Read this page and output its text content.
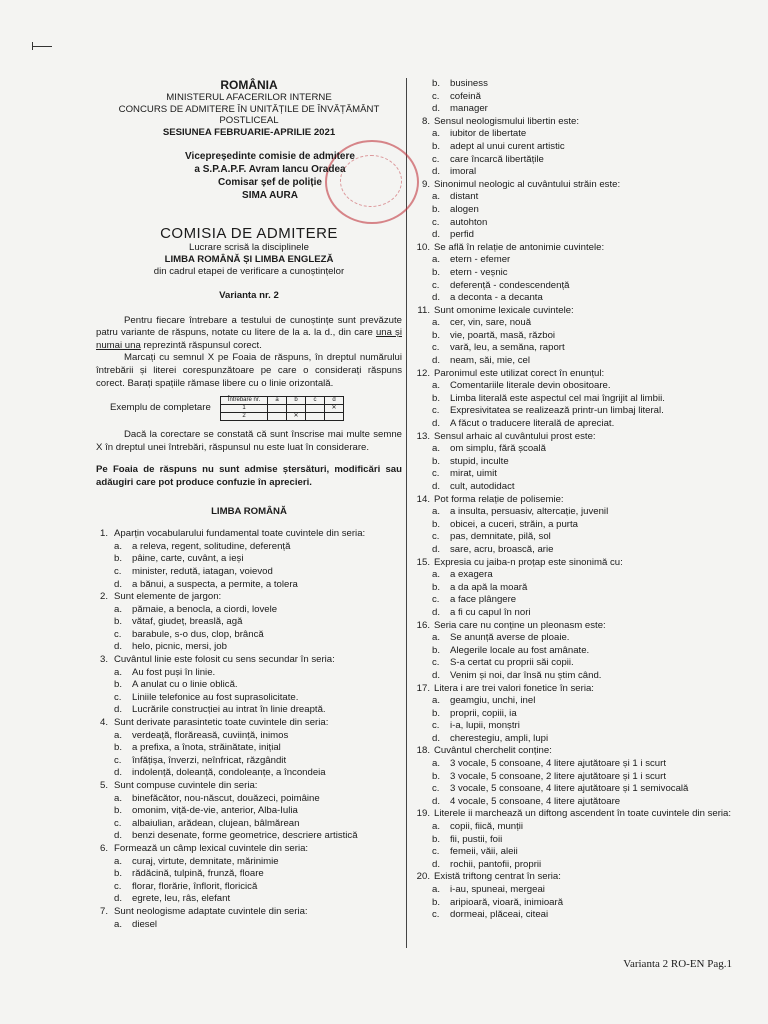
ROMÂNIA
MINISTERUL AFACERILOR INTERNE
CONCURS DE ADMITERE ÎN UNITĂȚILE DE ÎNVĂȚĂMÂNT POSTLICEAL
SESIUNEA FEBRUARIE-APRILIE 2021
Vicepreședinte comisie de admitere
a S.P.A.P.F. Avram Iancu Oradea
Comisar șef de poliție
SIMA AURA
COMISIA DE ADMITERE
Lucrare scrisă la disciplinele
LIMBA ROMÂNĂ ȘI LIMBA ENGLEZĂ
din cadrul etapei de verificare a cunoștințelor
Varianta nr. 2

Pentru fiecare întrebare a testului de cunoștințe sunt prevăzute patru variante de răspuns, notate cu litere de la a. la d., din care una și numai una reprezintă răspunsul corect.

Marcați cu semnul X pe Foaia de răspuns, în dreptul numărului întrebării și literei corespunzătoare pe care o considerați răspuns corect. Barați spațiile rămase libere cu o linie orizontală.

Exemplu de completare
Întrebare nr.	a	b	c	d
1				✕
2		✕		

Dacă la corectare se constată că sunt înscrise mai multe semne X în dreptul unei întrebări, răspunsul nu este luat în considerare.

Pe Foaia de răspuns nu sunt admise ștersături, modificări sau adăugiri care pot produce confuzie în aprecieri.
LIMBA ROMÂNĂ
1. Aparțin vocabularului fundamental toate cuvintele din seria:
a.	a releva, regent, solitudine, deferență
b.	pâine, carte, cuvânt, a ieși
c.	minister, redută, iatagan, voievod
d.	a bănui, a suspecta, a permite, a tolera
2. Sunt elemente de jargon:
a.	pămaie, a benocla, a ciordi, lovele
b.	vătaf, giudeț, breaslă, agă
c.	barabule, s-o dus, clop, brâncă
d.	helo, picnic, mersi, job
3. Cuvântul linie este folosit cu sens secundar în seria:
a.	Au fost puși în linie.
b.	A anulat cu o linie oblică.
c.	Liniile telefonice au fost suprasolicitate.
d.	Lucrările construcției au intrat în linie dreaptă.
4. Sunt derivate parasintetic toate cuvintele din seria:
a.	verdeață, florăreasă, cuviință, inimos
b.	a prefixa, a înota, străinătate, inițial
c.	înfățișa, înverzi, neînfricat, răzgândit
d.	indolență, doleanță, condoleanțe, a încondeia
5. Sunt compuse cuvintele din seria:
a.	binefăcător, nou-născut, douăzeci, poimâine
b.	omonim, viță-de-vie, anterior, Alba-Iulia
c.	albaiulian, arădean, clujean, bâlmărean
d.	benzi desenate, forme geometrice, descriere artistică
6. Formează un câmp lexical cuvintele din seria:
a.	curaj, virtute, demnitate, mărinimie
b.	rădăcină, tulpină, frunză, floare
c.	florar, florărie, înflorit, floricică
d.	egrete, leu, râs, elefant
7. Sunt neologisme adaptate cuvintele din seria:
a.	diesel
b.	business
c.	cofeină
d.	manager
8. Sensul neologismului libertin este:
a.	iubitor de libertate
b.	adept al unui curent artistic
c.	care încarcă libertățile
d.	imoral
9. Sinonimul neologic al cuvântului străin este:
a.	distant
b.	alogen
c.	autohton
d.	perfid
10. Se află în relație de antonimie cuvintele:
a.	etern - efemer
b.	etern - veșnic
c.	deferență - condescendență
d.	a deconta - a decanta
11. Sunt omonime lexicale cuvintele:
a.	cer, vin, sare, nouă
b.	vie, poartă, masă, război
c.	vară, leu, a semăna, raport
d.	neam, săi, mie, cel
12. Paronimul este utilizat corect în enunțul:
a.	Comentariile literale devin obositoare.
b.	Limba literală este aspectul cel mai îngrijit al limbii.
c.	Expresivitatea se realizează printr-un limbaj literal.
d.	A făcut o traducere literală de apreciat.
13. Sensul arhaic al cuvântului prost este:
a.	om simplu, fără școală
b.	stupid, inculte
c.	mirat, uimit
d.	cult, autodidact
14. Pot forma relație de polisemie:
a.	a insulta, persuasiv, altercație, juvenil
b.	obicei, a cuceri, străin, a purta
c.	pas, demnitate, pilă, sol
d.	sare, acru, broască, arie
15. Expresia cu jaiba-n proțap este sinonimă cu:
a.	a exagera
b.	a da apă la moară
c.	a face plângere
d.	a fi cu capul în nori
16. Seria care nu conține un pleonasm este:
a.	Se anunță averse de ploaie.
b.	Alegerile locale au fost amânate.
c.	S-a certat cu proprii săi copii.
d.	Venim și noi, dar însă nu știm când.
17. Litera i are trei valori fonetice în seria:
a.	geamgiu, unchi, inel
b.	proprii, copiii, ia
c.	i-a, lupii, monștri
d.	cherestegiu, ampli, lupi
18. Cuvântul cherchelit conține:
a.	3 vocale, 5 consoane, 4 litere ajutătoare și 1 i scurt
b.	3 vocale, 5 consoane, 2 litere ajutătoare și 1 i scurt
c.	3 vocale, 5 consoane, 4 litere ajutătoare și 1 semivocală
d.	4 vocale, 5 consoane, 4 litere ajutătoare
19. Literele ii marchează un diftong ascendent în toate cuvintele din seria:
a.	copii, fiică, munții
b.	fii, pustii, foii
c.	femeii, văii, aleii
d.	rochii, pantofii, proprii
20. Există triftong centrat în seria:
a.	i-au, spuneai, mergeai
b.	aripioară, vioară, inimioară
c.	dormeai, plăceai, citeai
Varianta 2 RO-EN Pag.1
